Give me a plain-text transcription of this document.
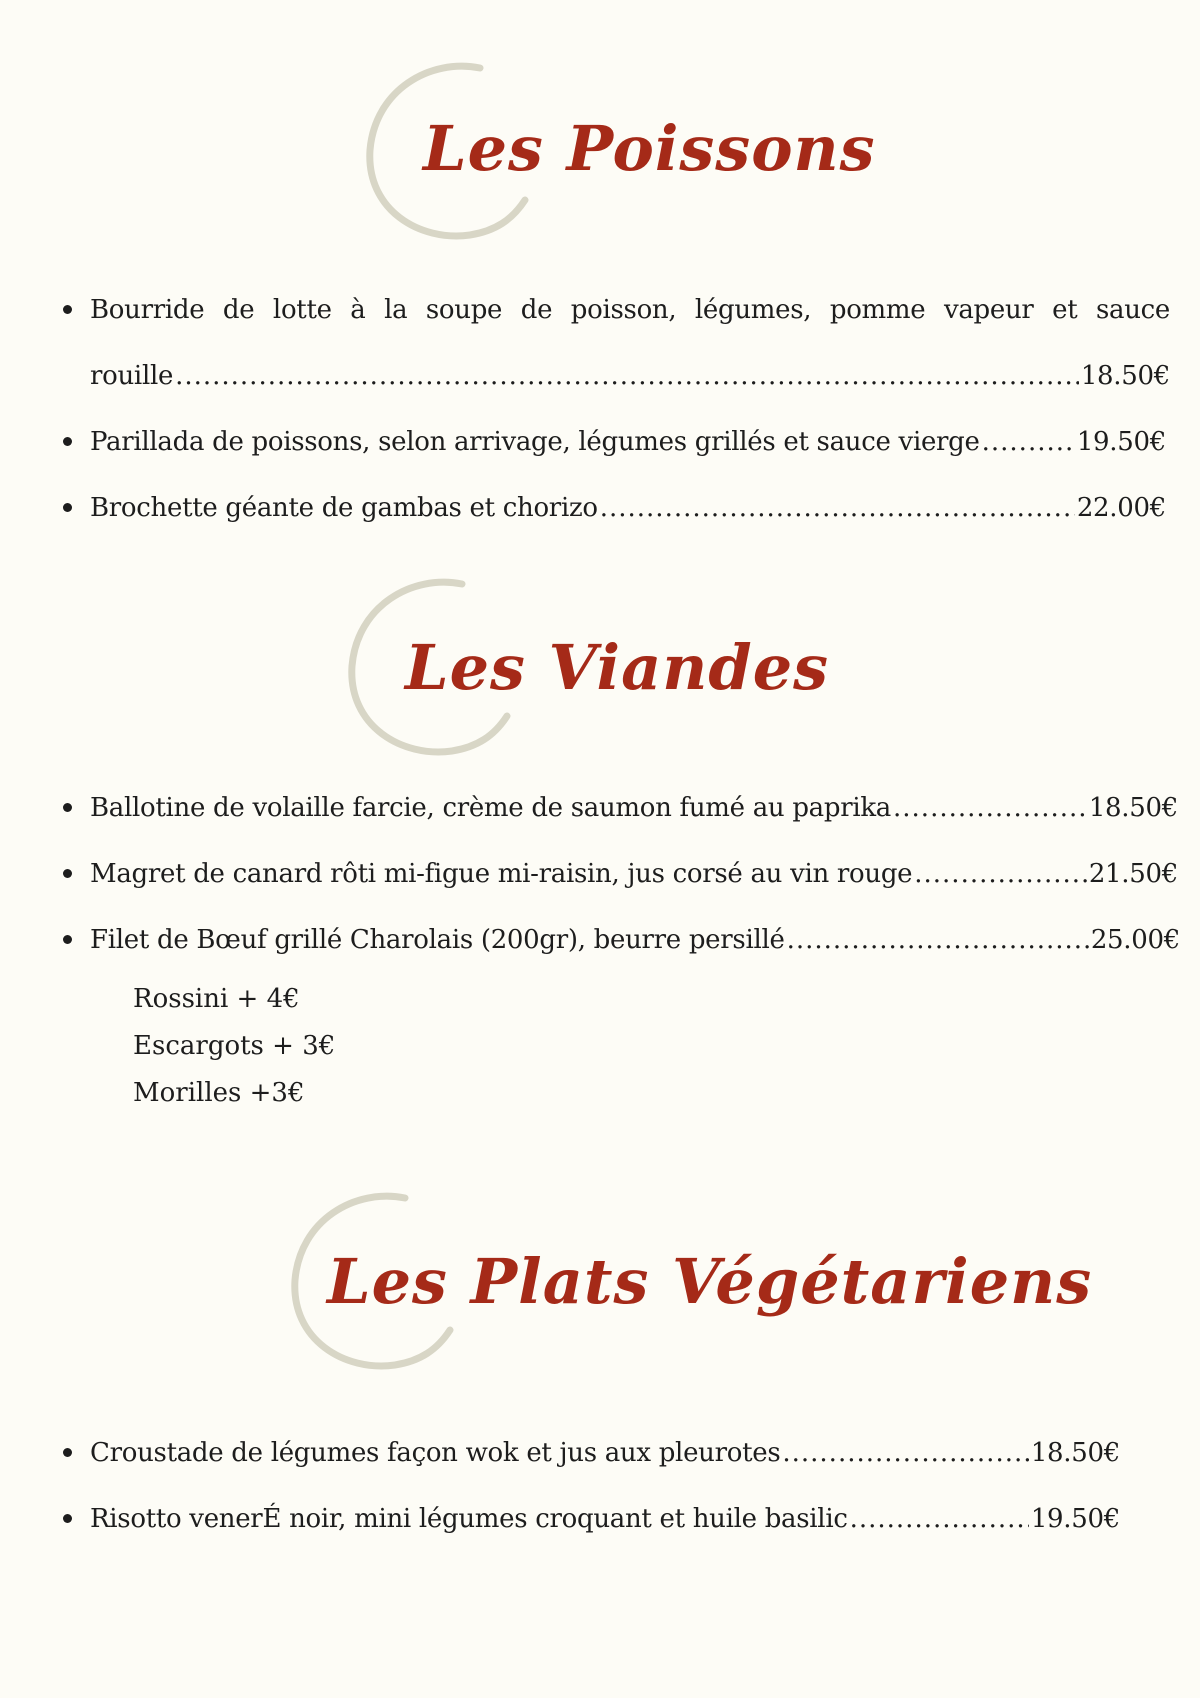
Les Poissons
Bourride de lotte à la soupe de poisson, légumes, pomme vapeur et sauce
rouille .....	18.50€
Parillada de poissons, selon arrivage, légumes grillés et sauce vierge .....	19.50€
Brochette géante de gambas et chorizo .....	22.00€
Les Viandes
Ballotine de volaille farcie, crème de saumon fumé au paprika .....	18.50€
Magret de canard rôti mi-figue mi-raisin, jus corsé au vin rouge .....	21.50€
Filet de Bœuf grillé Charolais (200gr), beurre persillé .....	25.00€
Rossini + 4€
Escargots + 3€
Morilles +3€
Les Plats Végétariens
Croustade de légumes façon wok et jus aux pleurotes .....	18.50€
Risotto venerÉ noir, mini légumes croquant et huile basilic .....	19.50€
